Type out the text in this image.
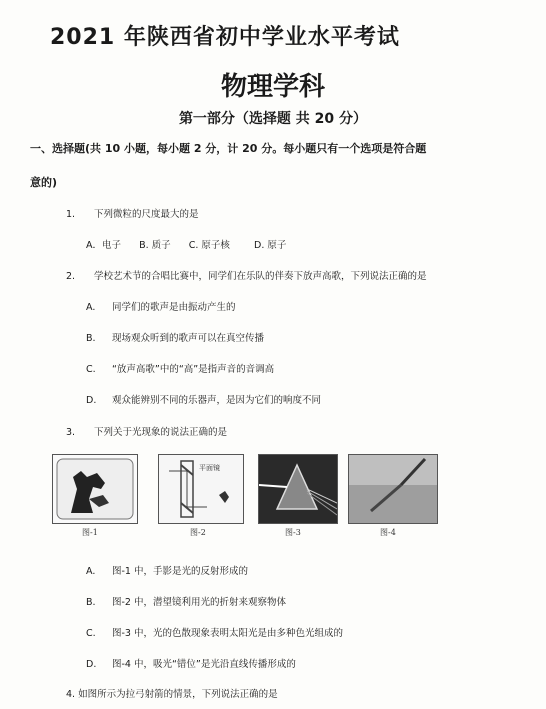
2021 年陕西省初中学业水平考试
物理学科
第一部分（选择题 共 20 分）
一、选择题(共 10 小题，每小题 2 分，计 20 分。每小题只有一个选项是符合题
意的)
1. 下列微粒的尺度最大的是
A．电子 B. 质子 C. 原子核	D. 原子
2. 学校艺术节的合唱比赛中，同学们在乐队的伴奏下放声高歌，下列说法正确的是
A. 同学们的歌声是由振动产生的
B. 现场观众听到的歌声可以在真空传播
C. “放声高歌”中的“高”是指声音的音调高
D. 观众能辨别不同的乐器声，是因为它们的响度不同
3. 下列关于光现象的说法正确的是
平面镜
图-1	图-2	图-3	图-4
A. 图-1 中，手影是光的反射形成的
B. 图-2 中，潜望镜利用光的折射来观察物体
C. 图-3 中，光的色散现象表明太阳光是由多种色光组成的
D. 图-4 中，吸光“错位”是光沿直线传播形成的
4. 如图所示为拉弓射箭的情景，下列说法正确的是
